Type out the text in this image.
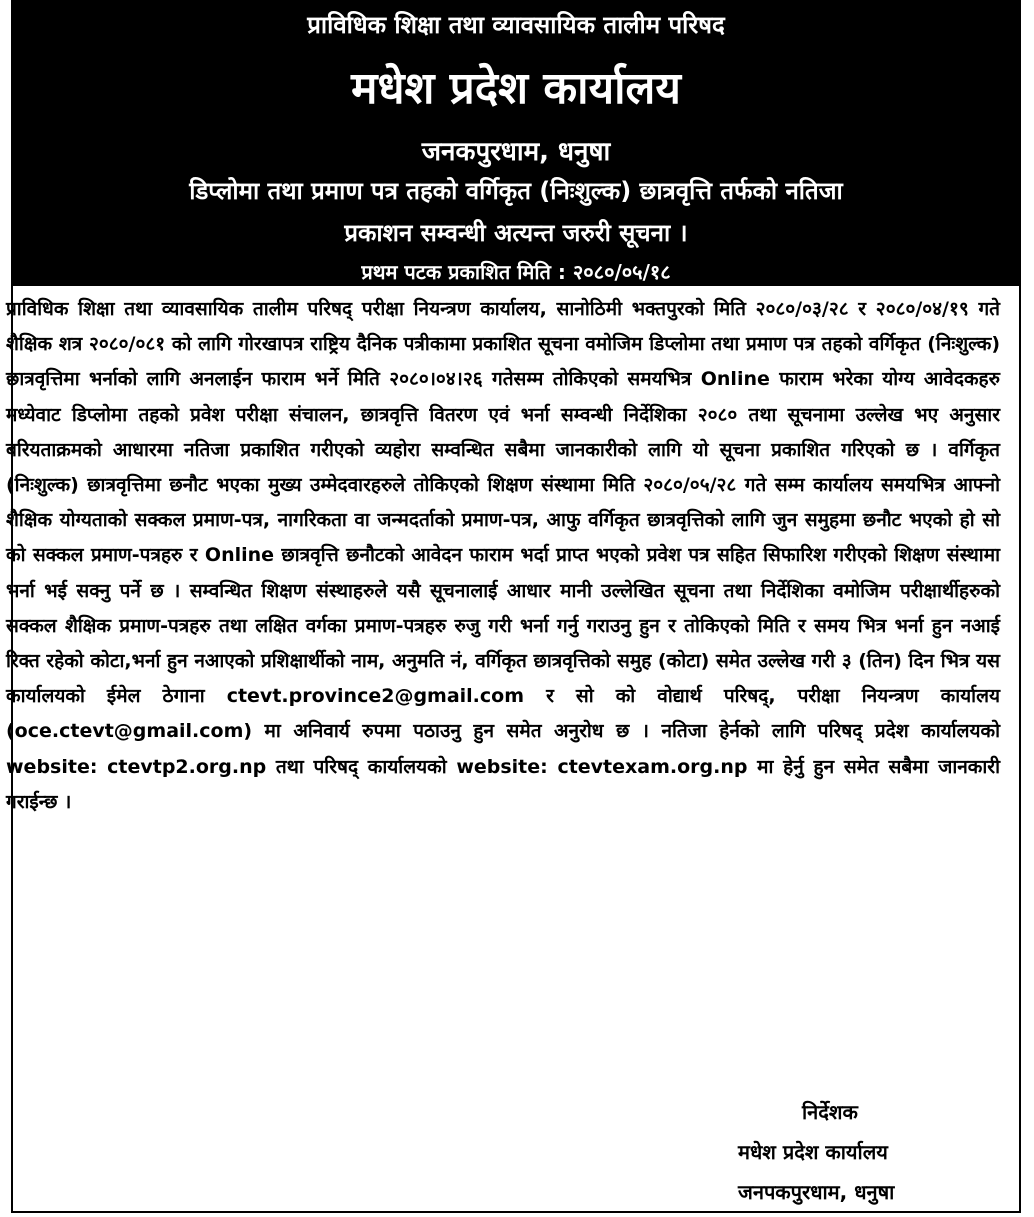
प्राविधिक शिक्षा तथा व्यावसायिक तालीम परिषद
मधेश प्रदेश कार्यालय
जनकपुरधाम, धनुषा
डिप्लोमा तथा प्रमाण पत्र तहको वर्गिकृत (निःशुल्क) छात्रवृत्ति तर्फको नतिजा
प्रकाशन सम्वन्धी अत्यन्त जरुरी सूचना ।
प्रथम पटक प्रकाशित मिति : २०८०/०५/१८

प्राविधिक शिक्षा तथा व्यावसायिक तालीम परिषद् परीक्षा नियन्त्रण कार्यालय, सानोठिमी भक्तपुरको मिति २०८०/०३/२८ र २०८०/०४/१९ गते शैक्षिक शत्र २०८०/०८१ को लागि गोरखापत्र राष्ट्रिय दैनिक पत्रीकामा प्रकाशित सूचना वमोजिम डिप्लोमा तथा प्रमाण पत्र तहको वर्गिकृत (निःशुल्क) छात्रवृत्तिमा भर्नाको लागि अनलाईन फाराम भर्ने मिति २०८०।०४।२६ गतेसम्म तोकिएको समयभित्र Online फाराम भरेका योग्य आवेदकहरु मध्येवाट डिप्लोमा तहको प्रवेश परीक्षा संचालन, छात्रवृत्ति वितरण एवं भर्ना सम्वन्धी निर्देशिका २०८० तथा सूचनामा उल्लेख भए अनुसार बरियताक्रमको आधारमा नतिजा प्रकाशित गरीएको व्यहोरा सम्वन्धित सबैमा जानकारीको लागि यो सूचना प्रकाशित गरिएको छ । वर्गिकृत (निःशुल्क) छात्रवृत्तिमा छनौट भएका मुख्य उम्मेदवारहरुले तोकिएको शिक्षण संस्थामा मिति २०८०/०५/२८ गते सम्म कार्यालय समयभित्र आफ्नो शैक्षिक योग्यताको सक्कल प्रमाण-पत्र, नागरिकता वा जन्मदर्ताको प्रमाण-पत्र, आफु वर्गिकृत छात्रवृत्तिको लागि जुन समुहमा छनौट भएको हो सो को सक्कल प्रमाण-पत्रहरु र Online छात्रवृत्ति छनौटको आवेदन फाराम भर्दा प्राप्त भएको प्रवेश पत्र सहित सिफारिश गरीएको शिक्षण संस्थामा भर्ना भई सक्नु पर्ने छ । सम्वन्धित शिक्षण संस्थाहरुले यसै सूचनालाई आधार मानी उल्लेखित सूचना तथा निर्देशिका वमोजिम परीक्षार्थीहरुको सक्कल शैक्षिक प्रमाण-पत्रहरु तथा लक्षित वर्गका प्रमाण-पत्रहरु रुजु गरी भर्ना गर्नु गराउनु हुन र तोकिएको मिति र समय भित्र भर्ना हुन नआई रिक्त रहेको कोटा,भर्ना हुन नआएको प्रशिक्षार्थीको नाम, अनुमति नं, वर्गिकृत छात्रवृत्तिको समुह (कोटा) समेत उल्लेख गरी ३ (तिन) दिन भित्र यस कार्यालयको ईमेल ठेगाना ctevt.province2@gmail.com र सो को वोद्यार्थ परिषद्, परीक्षा नियन्त्रण कार्यालय (oce.ctevt@gmail.com) मा अनिवार्य रुपमा पठाउनु हुन समेत अनुरोध छ । नतिजा हेर्नको लागि परिषद् प्रदेश कार्यालयको website: ctevtp2.org.np तथा परिषद् कार्यालयको website: ctevtexam.org.np मा हेर्नु हुन समेत सबैमा जानकारी गराईन्छ ।

निर्देशक
मधेश प्रदेश कार्यालय
जनपकपुरधाम, धनुषा
